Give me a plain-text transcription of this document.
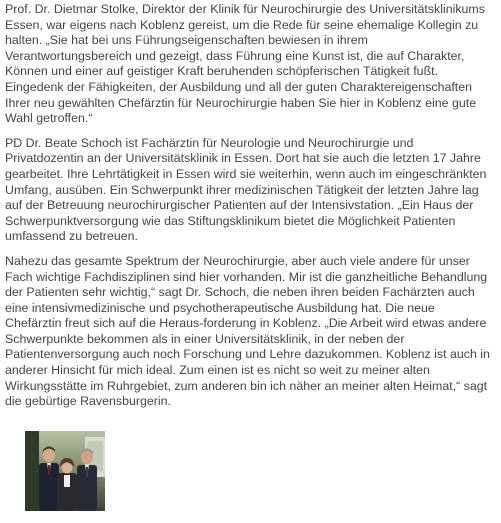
Prof. Dr. Dietmar Stolke, Direktor der Klinik für Neurochirurgie des Universitätsklinikums Essen, war eigens nach Koblenz gereist, um die Rede für seine ehemalige Kollegin zu halten. „Sie hat bei uns Führungseigenschaften bewiesen in ihrem Verantwortungsbereich und gezeigt, dass Führung eine Kunst ist, die auf Charakter, Können und einer auf geistiger Kraft beruhenden schöpferischen Tätigkeit fußt. Eingedenk der Fähigkeiten, der Ausbildung und all der guten Charaktereigenschaften Ihrer neu gewählten Chefärztin für Neurochirurgie haben Sie hier in Koblenz eine gute Wahl getroffen.“

PD Dr. Beate Schoch ist Fachärztin für Neurologie und Neurochirurgie und Privatdozentin an der Universitätsklinik in Essen. Dort hat sie auch die letzten 17 Jahre gearbeitet. Ihre Lehrtätigkeit in Essen wird sie weiterhin, wenn auch im eingeschränkten Umfang, ausüben. Ein Schwerpunkt ihrer medizinischen Tätigkeit der letzten Jahre lag auf der Betreuung neurochirurgischer Patienten auf der Intensivstation. „Ein Haus der Schwerpunktversorgung wie das Stiftungsklinikum bietet die Möglichkeit Patienten umfassend zu betreuen.

Nahezu das gesamte Spektrum der Neurochirurgie, aber auch viele andere für unser Fach wichtige Fachdisziplinen sind hier vorhanden. Mir ist die ganzheitliche Behandlung der Patienten sehr wichtig,“ sagt Dr. Schoch, die neben ihren beiden Fachärzten auch eine intensivmedizinische und psychotherapeutische Ausbildung hat. Die neue Chefärztin freut sich auf die Heraus-forderung in Koblenz. „Die Arbeit wird etwas andere Schwerpunkte bekommen als in einer Universitätsklinik, in der neben der Patientenversorgung auch noch Forschung und Lehre dazukommen. Koblenz ist auch in anderer Hinsicht für mich ideal. Zum einen ist es nicht so weit zu meiner alten Wirkungsstätte im Ruhrgebiet, zum anderen bin ich näher an meiner alten Heimat,“ sagt die gebürtige Ravensburgerin.
